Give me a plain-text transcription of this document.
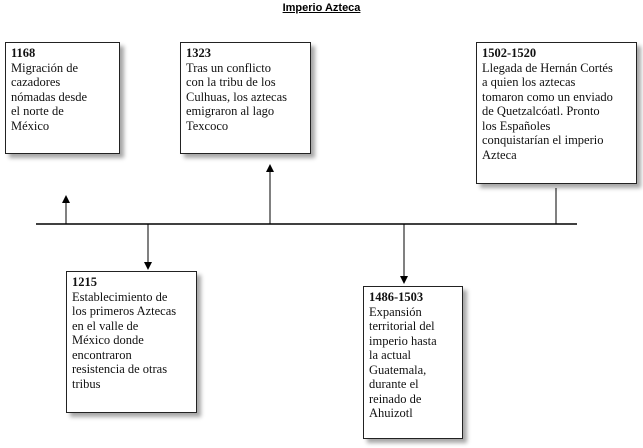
Imperio Azteca
1168
Migración de
cazadores
nómadas desde
el norte de
México
1323
Tras un conflicto
con la tribu de los
Culhuas, los aztecas
emigraron al lago
Texcoco
1502-1520
Llegada de Hernán Cortés
a quien los aztecas
tomaron como un enviado
de Quetzalcóatl. Pronto
los Españoles
conquistarían el imperio
Azteca
1215
Establecimiento de
los primeros Aztecas
en el valle de
México donde
encontraron
resistencia de otras
tribus
1486-1503
Expansión
territorial del
imperio hasta
la actual
Guatemala,
durante el
reinado de
Ahuizotl
